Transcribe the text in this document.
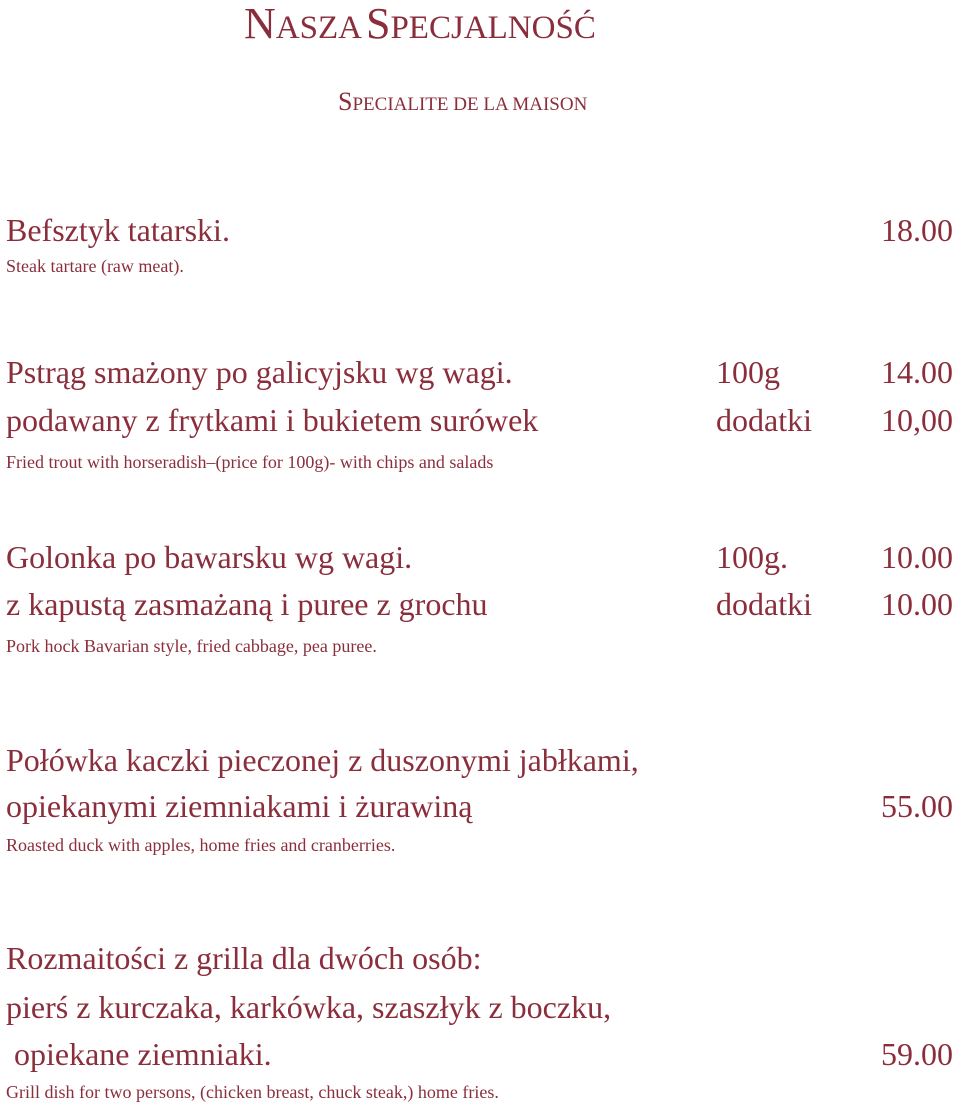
NASZA SPECJALNOŚĆ
SPECIALITE DE LA MAISON
Befsztyk tatarski.	18.00
Steak tartare (raw meat).
Pstrąg smażony po galicyjsku wg wagi.	100g	14.00
podawany z frytkami i bukietem surówek	dodatki 10,00
Fried trout with horseradish–(price for 100g)- with chips and salads
Golonka po bawarsku wg wagi.	100g.	10.00
z kapustą zasmażaną i puree z grochu	dodatki 10.00
Pork hock Bavarian style, fried cabbage, pea puree.
Połówka kaczki pieczonej z duszonymi jabłkami,
opiekanymi ziemniakami i żurawiną	55.00
Roasted duck with apples, home fries and cranberries.
Rozmaitości z grilla dla dwóch osób:
pierś z kurczaka, karkówka, szaszłyk z boczku,
opiekane ziemniaki.	59.00
Grill dish for two persons, (chicken breast, chuck steak,) home fries.
